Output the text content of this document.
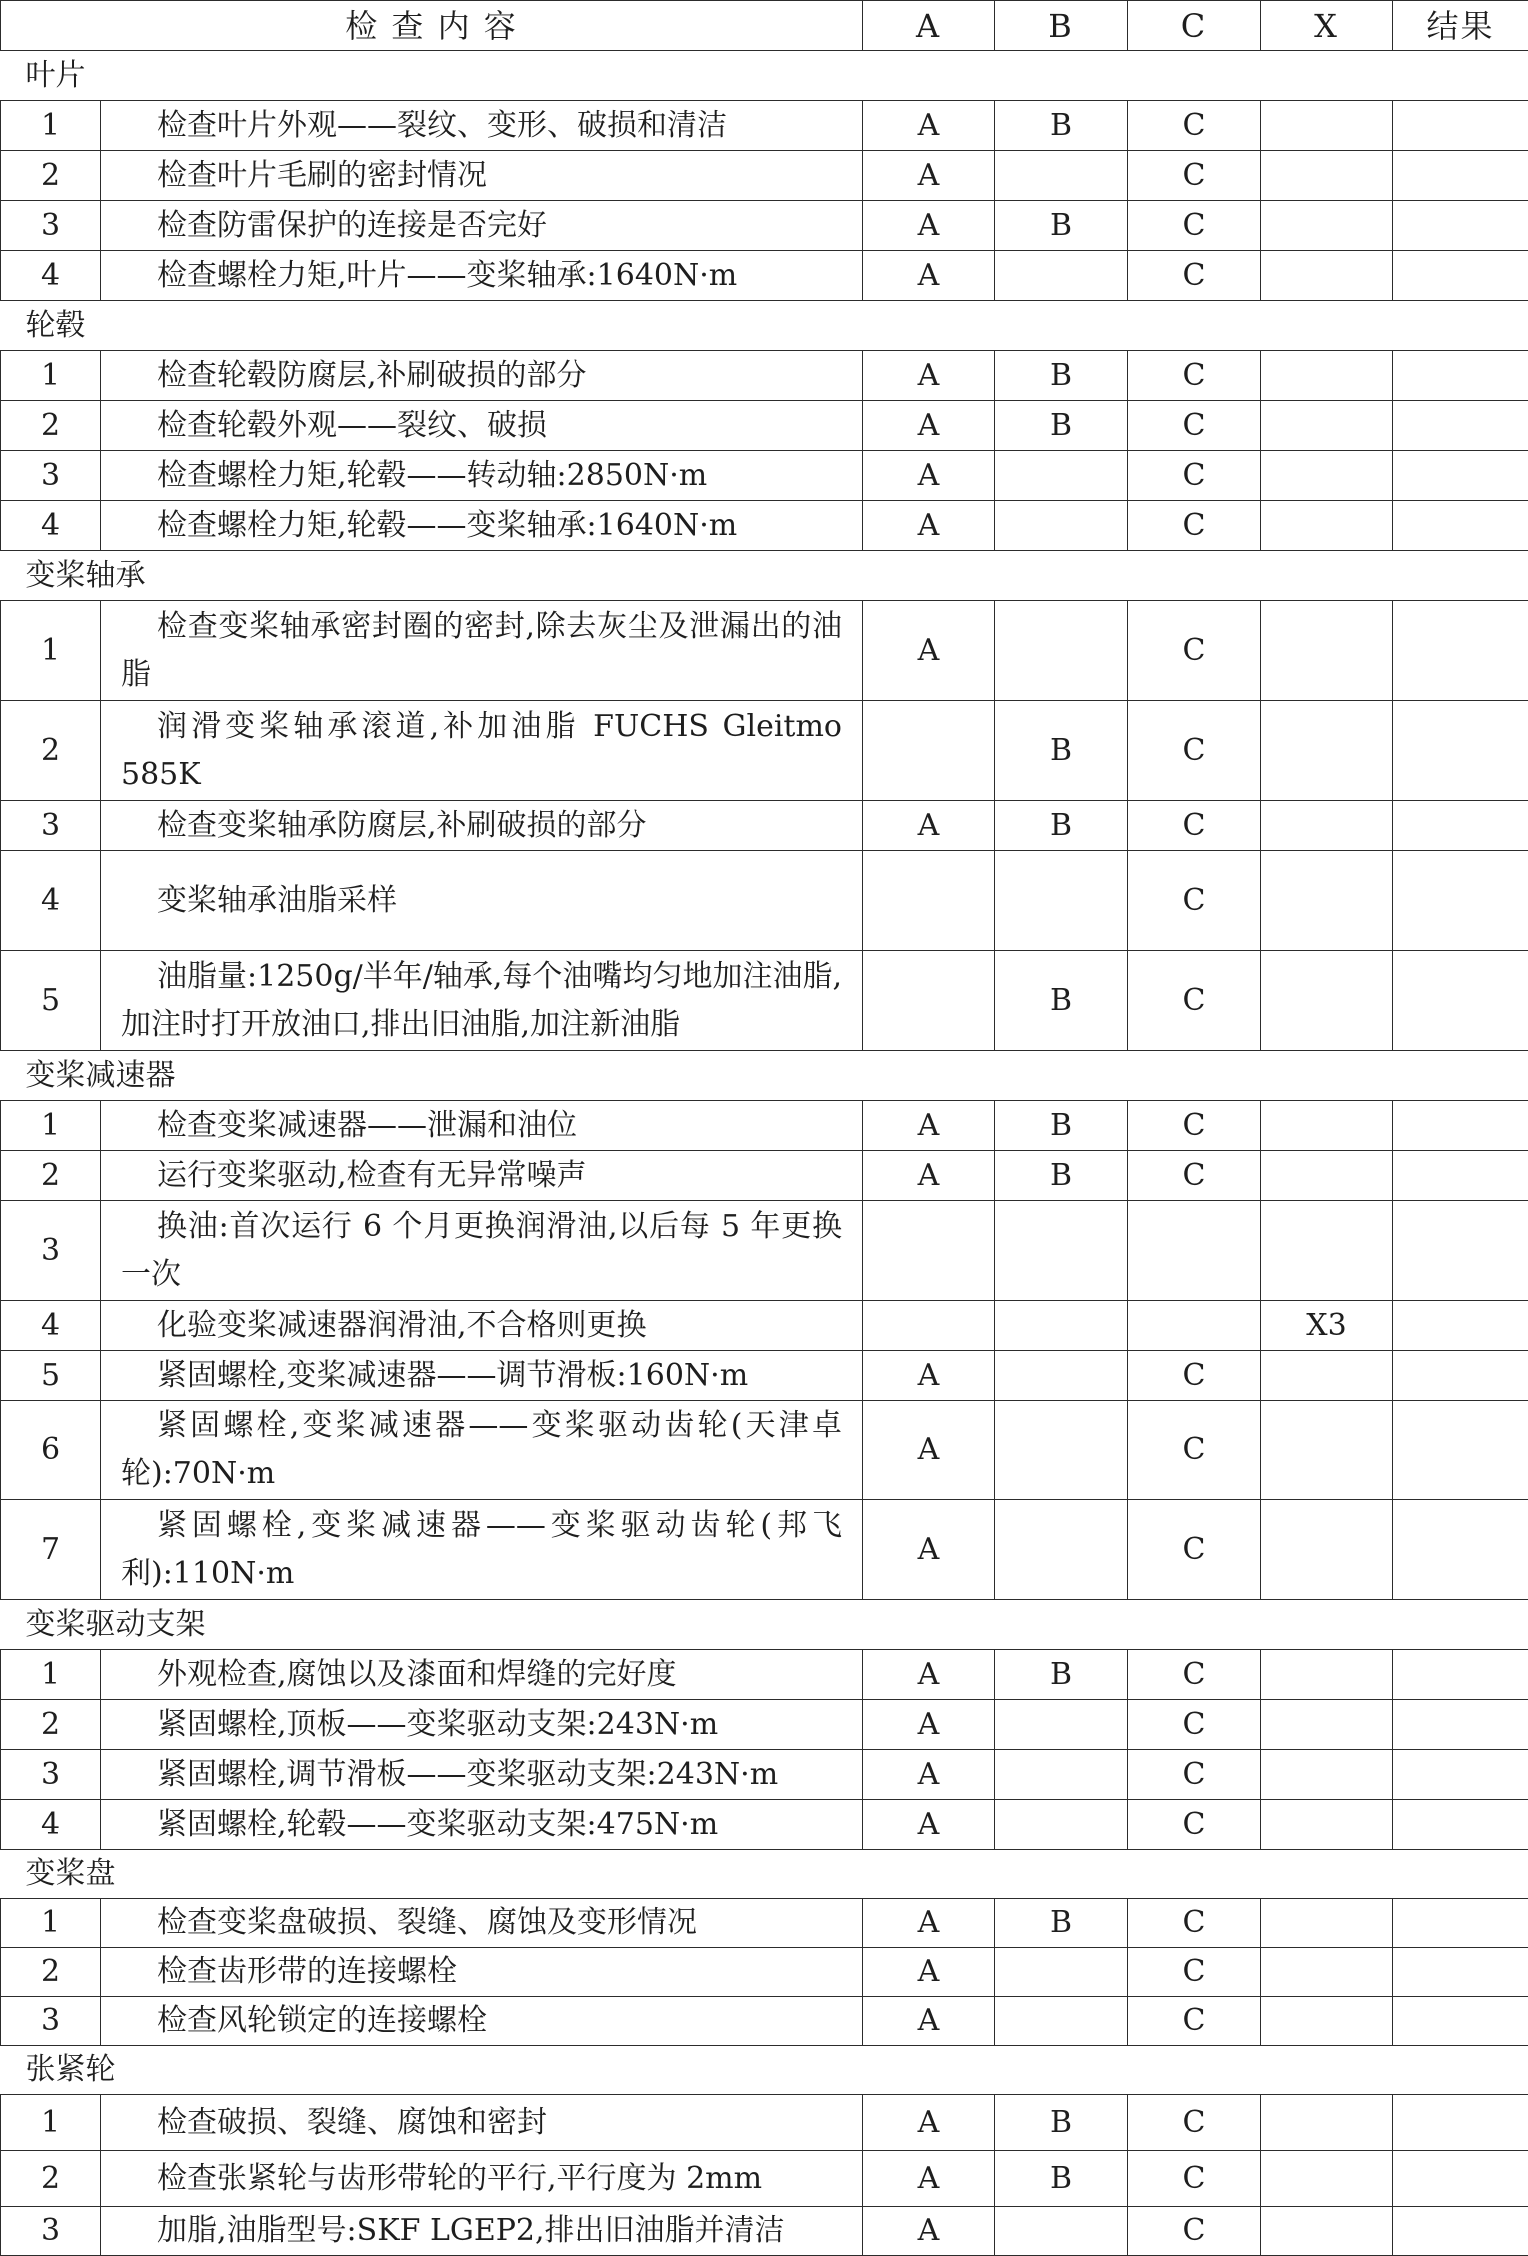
检 查 内 容		A	B	C	X	结果
叶片						
1	检查叶片外观——裂纹、变形、破损和清洁	A	B	C		
2	检查叶片毛刷的密封情况	A		C		
3	检查防雷保护的连接是否完好	A	B	C		
4	检查螺栓力矩,叶片——变桨轴承:1640N·m	A		C		
轮毂						
1	检查轮毂防腐层,补刷破损的部分	A	B	C		
2	检查轮毂外观——裂纹、破损	A	B	C		
3	检查螺栓力矩,轮毂——转动轴:2850N·m	A		C		
4	检查螺栓力矩,轮毂——变桨轴承:1640N·m	A		C		
变桨轴承						
1	检查变桨轴承密封圈的密封,除去灰尘及泄漏出的油脂	A		C		
2	润滑变桨轴承滚道,补加油脂 FUCHS Gleitmo 585K		B	C		
3	检查变桨轴承防腐层,补刷破损的部分	A	B	C		
4	变桨轴承油脂采样			C		
5	油脂量:1250g/半年/轴承,每个油嘴均匀地加注油脂,加注时打开放油口,排出旧油脂,加注新油脂		B	C		
变桨减速器						
1	检查变桨减速器——泄漏和油位	A	B	C		
2	运行变桨驱动,检查有无异常噪声	A	B	C		
3	换油:首次运行 6 个月更换润滑油,以后每 5 年更换一次					
4	化验变桨减速器润滑油,不合格则更换				X3	
5	紧固螺栓,变桨减速器——调节滑板:160N·m	A		C		
6	紧固螺栓,变桨减速器——变桨驱动齿轮(天津卓轮):70N·m	A		C		
7	紧固螺栓,变桨减速器——变桨驱动齿轮(邦飞利):110N·m	A		C		
变桨驱动支架						
1	外观检查,腐蚀以及漆面和焊缝的完好度	A	B	C		
2	紧固螺栓,顶板——变桨驱动支架:243N·m	A		C		
3	紧固螺栓,调节滑板——变桨驱动支架:243N·m	A		C		
4	紧固螺栓,轮毂——变桨驱动支架:475N·m	A		C		
变桨盘						
1	检查变桨盘破损、裂缝、腐蚀及变形情况	A	B	C		
2	检查齿形带的连接螺栓	A		C		
3	检查风轮锁定的连接螺栓	A		C		
张紧轮						
1	检查破损、裂缝、腐蚀和密封	A	B	C		
2	检查张紧轮与齿形带轮的平行,平行度为 2mm	A	B	C		
3	加脂,油脂型号:SKF LGEP2,排出旧油脂并清洁	A		C		
